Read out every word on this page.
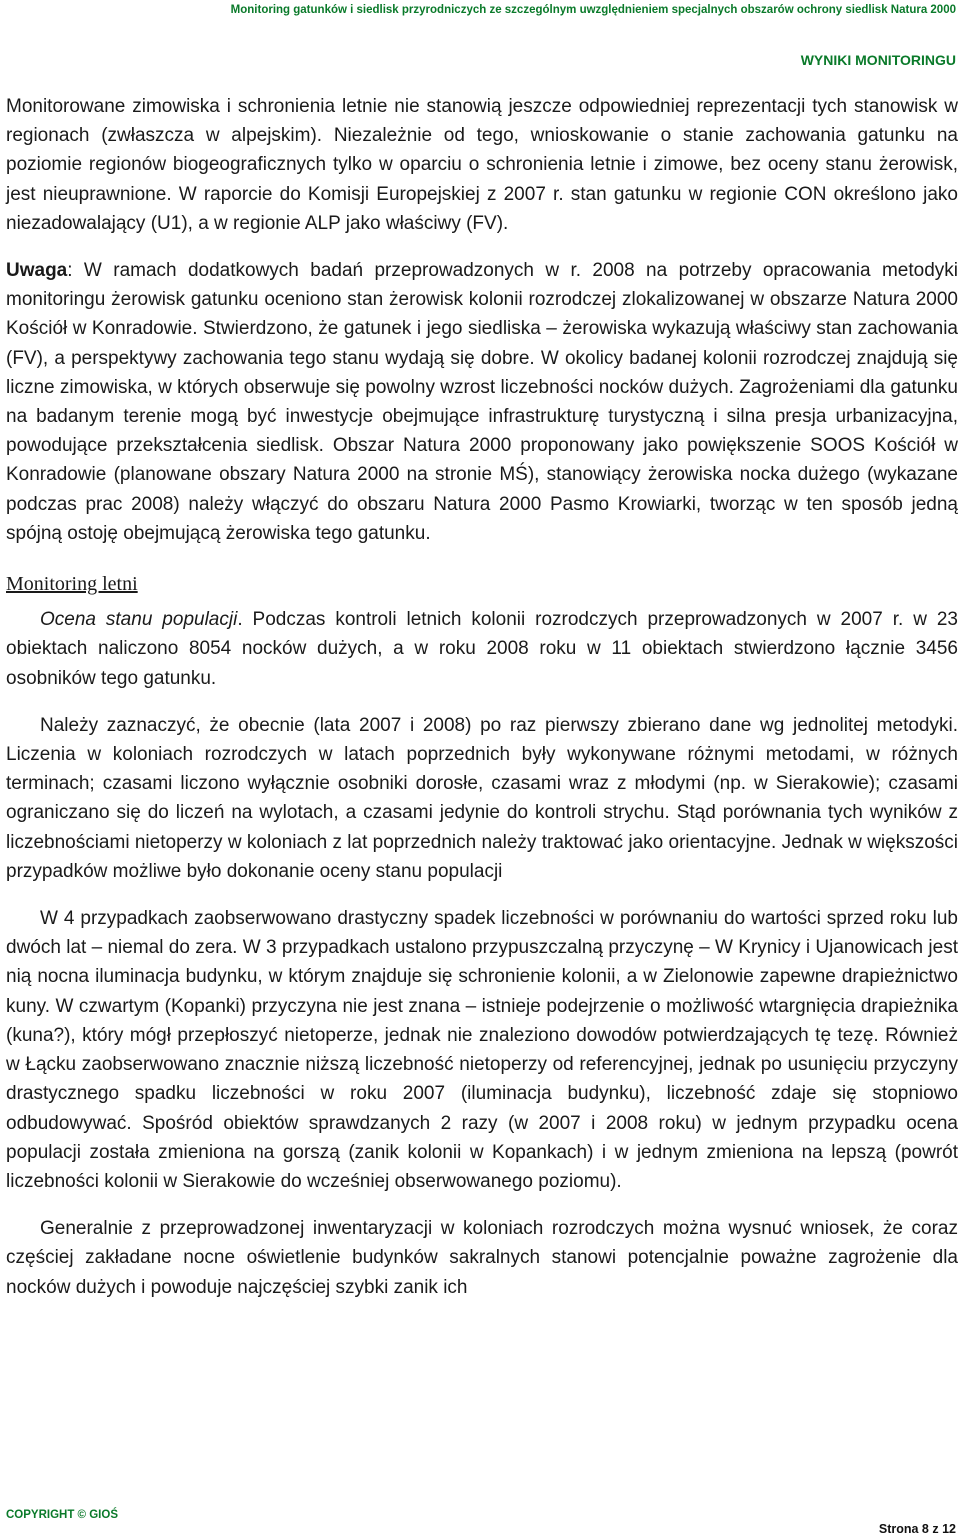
Monitoring gatunków i siedlisk przyrodniczych ze szczególnym uwzględnieniem specjalnych obszarów ochrony siedlisk Natura 2000
WYNIKI MONITORINGU

Monitorowane zimowiska i schronienia letnie nie stanowią jeszcze odpowiedniej reprezentacji tych stanowisk w regionach (zwłaszcza w alpejskim). Niezależnie od tego, wnioskowanie o stanie zachowania gatunku na poziomie regionów biogeograficznych tylko w oparciu o schronienia letnie i zimowe, bez oceny stanu żerowisk, jest nieuprawnione. W raporcie do Komisji Europejskiej z 2007 r. stan gatunku w regionie CON określono jako niezadowalający (U1), a w regionie ALP jako właściwy (FV).

Uwaga: W ramach dodatkowych badań przeprowadzonych w r. 2008 na potrzeby opracowania metodyki monitoringu żerowisk gatunku oceniono stan żerowisk kolonii rozrodczej zlokalizowanej w obszarze Natura 2000 Kościół w Konradowie. Stwierdzono, że gatunek i jego siedliska – żerowiska wykazują właściwy stan zachowania (FV), a perspektywy zachowania tego stanu wydają się dobre. W okolicy badanej kolonii rozrodczej znajdują się liczne zimowiska, w których obserwuje się powolny wzrost liczebności nocków dużych. Zagrożeniami dla gatunku na badanym terenie mogą być inwestycje obejmujące infrastrukturę turystyczną i silna presja urbanizacyjna, powodujące przekształcenia siedlisk. Obszar Natura 2000 proponowany jako powiększenie SOOS Kościół w Konradowie (planowane obszary Natura 2000 na stronie MŚ), stanowiący żerowiska nocka dużego (wykazane podczas prac 2008) należy włączyć do obszaru Natura 2000 Pasmo Krowiarki, tworząc w ten sposób jedną spójną ostoję obejmującą żerowiska tego gatunku.

Monitoring letni

Ocena stanu populacji. Podczas kontroli letnich kolonii rozrodczych przeprowadzonych w 2007 r. w 23 obiektach naliczono 8054 nocków dużych, a w roku 2008 roku w 11 obiektach stwierdzono łącznie 3456 osobników tego gatunku.

Należy zaznaczyć, że obecnie (lata 2007 i 2008) po raz pierwszy zbierano dane wg jednolitej metodyki. Liczenia w koloniach rozrodczych w latach poprzednich były wykonywane różnymi metodami, w różnych terminach; czasami liczono wyłącznie osobniki dorosłe, czasami wraz z młodymi (np. w Sierakowie); czasami ograniczano się do liczeń na wylotach, a czasami jedynie do kontroli strychu. Stąd porównania tych wyników z liczebnościami nietoperzy w koloniach z lat poprzednich należy traktować jako orientacyjne. Jednak w większości przypadków możliwe było dokonanie oceny stanu populacji

W 4 przypadkach zaobserwowano drastyczny spadek liczebności w porównaniu do wartości sprzed roku lub dwóch lat – niemal do zera. W 3 przypadkach ustalono przypuszczalną przyczynę – W Krynicy i Ujanowicach jest nią nocna iluminacja budynku, w którym znajduje się schronienie kolonii, a w Zielonowie zapewne drapieżnictwo kuny. W czwartym (Kopanki) przyczyna nie jest znana – istnieje podejrzenie o możliwość wtargnięcia drapieżnika (kuna?), który mógł przepłoszyć nietoperze, jednak nie znaleziono dowodów potwierdzających tę tezę. Również w Łącku zaobserwowano znacznie niższą liczebność nietoperzy od referencyjnej, jednak po usunięciu przyczyny drastycznego spadku liczebności w roku 2007 (iluminacja budynku), liczebność zdaje się stopniowo odbudowywać. Spośród obiektów sprawdzanych 2 razy (w 2007 i 2008 roku) w jednym przypadku ocena populacji została zmieniona na gorszą (zanik kolonii w Kopankach) i w jednym zmieniona na lepszą (powrót liczebności kolonii w Sierakowie do wcześniej obserwowanego poziomu).

Generalnie z przeprowadzonej inwentaryzacji w koloniach rozrodczych można wysnuć wniosek, że coraz częściej zakładane nocne oświetlenie budynków sakralnych stanowi potencjalnie poważne zagrożenie dla nocków dużych i powoduje najczęściej szybki zanik ich

COPYRIGHT © GIOŚ
Strona 8 z 12
